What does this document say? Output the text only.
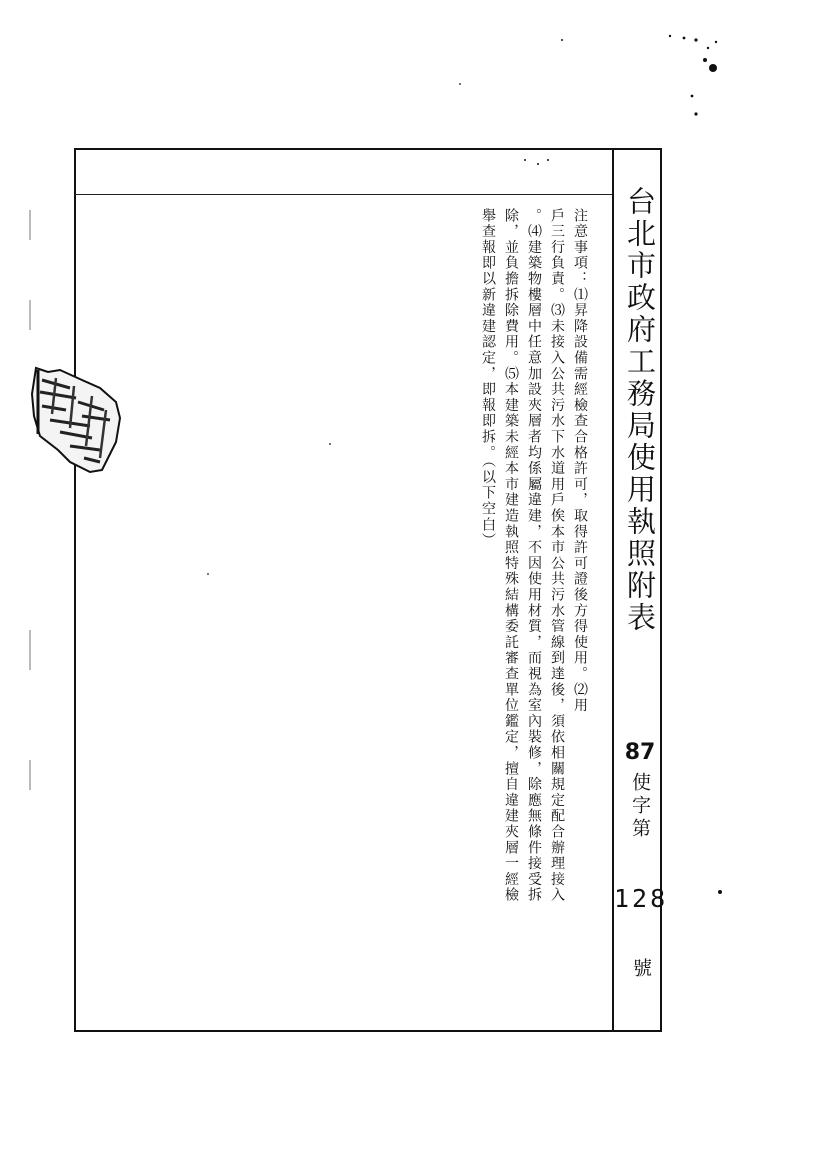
台北市政府工務局使用執照附表
87
使字第
128
號

注意事項：⑴昇降設備需經檢查合格許可，取得許可證後方得使用。⑵用

戶三行負責。⑶未接入公共污水下水道用戶俟本市公共污水管線到達後，須依相關規定配合辦理接入

。⑷建築物樓層中任意加設夾層者均係屬違建，不因使用材質，而視為室內裝修，除應無條件接受拆

除，並負擔拆除費用。⑸本建築未經本市建造執照特殊結構委託審查單位鑑定，擅自違建夾層一經檢

舉查報即以新違建認定，即報即拆。（以下空白）
